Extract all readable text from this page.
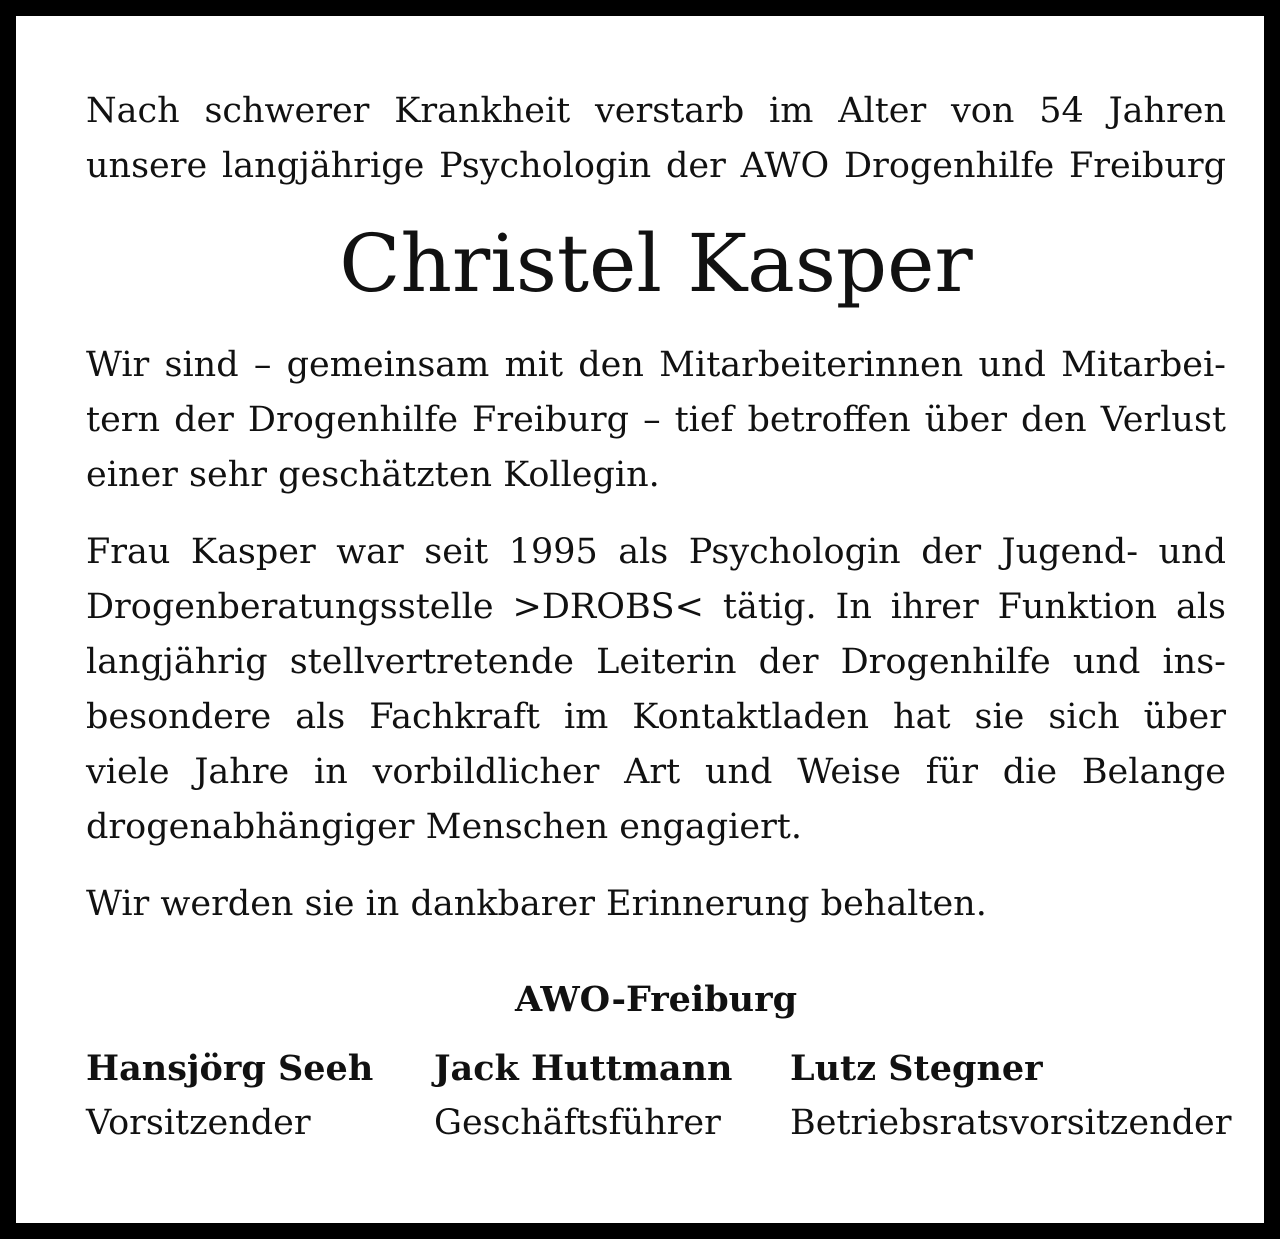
Nach schwerer Krankheit verstarb im Alter von 54 Jahren
unsere langjährige Psychologin der AWO Drogenhilfe Freiburg
Christel Kasper
Wir sind – gemeinsam mit den Mitarbeiterinnen und Mitarbei-
tern der Drogenhilfe Freiburg – tief betroffen über den Verlust
einer sehr geschätzten Kollegin.
Frau Kasper war seit 1995 als Psychologin der Jugend- und
Drogenberatungsstelle >DROBS< tätig. In ihrer Funktion als
langjährig stellvertretende Leiterin der Drogenhilfe und ins-
besondere als Fachkraft im Kontaktladen hat sie sich über
viele Jahre in vorbildlicher Art und Weise für die Belange
drogenabhängiger Menschen engagiert.
Wir werden sie in dankbarer Erinnerung behalten.
AWO-Freiburg
Hansjörg Seeh
Vorsitzender
Jack Huttmann
Geschäftsführer
Lutz Stegner
Betriebsratsvorsitzender
